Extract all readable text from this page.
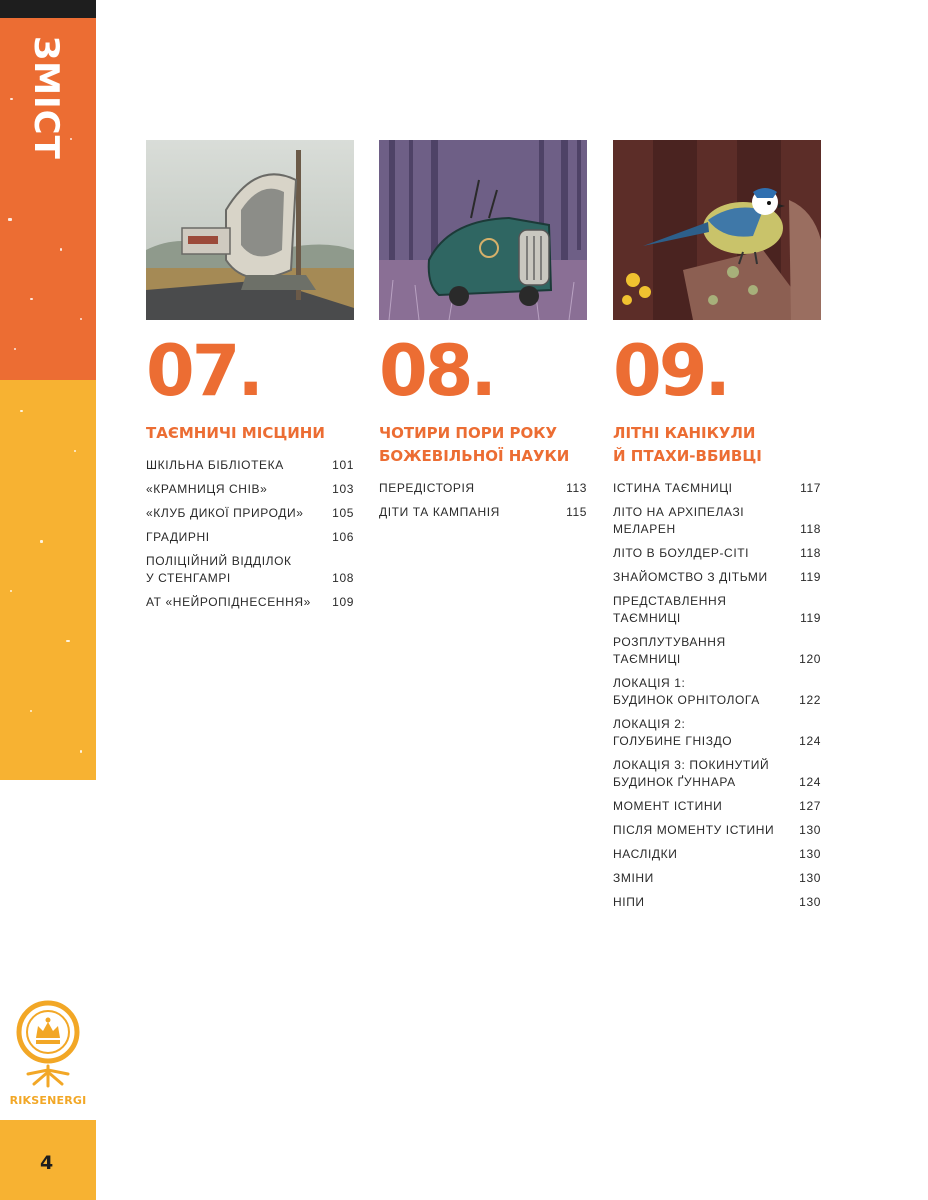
ЗМІСТ
RIKSENERGI
4
07.
ТАЄМНИЧІ МІСЦИНИ
ШКІЛЬНА БІБЛІОТЕКА	101
«КРАМНИЦЯ СНІВ»	103
«КЛУБ ДИКОЇ ПРИРОДИ»	105
ГРАДИРНІ	106
ПОЛІЦІЙНИЙ ВІДДІЛОК
У СТЕНГАМРІ	108
АТ «НЕЙРОПІДНЕСЕННЯ»	109
08.
ЧОТИРИ ПОРИ РОКУ
БОЖЕВІЛЬНОЇ НАУКИ
ПЕРЕДІСТОРІЯ	113
ДІТИ ТА КАМПАНІЯ	115
09.
ЛІТНІ КАНІКУЛИ
Й ПТАХИ-ВБИВЦІ
ІСТИНА ТАЄМНИЦІ	117
ЛІТО НА АРХІПЕЛАЗІ
МЕЛАРЕН	118
ЛІТО В БОУЛДЕР-СІТІ	118
ЗНАЙОМСТВО З ДІТЬМИ	119
ПРЕДСТАВЛЕННЯ ТАЄМНИЦІ	119
РОЗПЛУТУВАННЯ ТАЄМНИЦІ	120
ЛОКАЦІЯ 1:
БУДИНОК ОРНІТОЛОГА	122
ЛОКАЦІЯ 2:
ГОЛУБИНЕ ГНІЗДО	124
ЛОКАЦІЯ 3: ПОКИНУТИЙ
БУДИНОК ҐУННАРА	124
МОМЕНТ ІСТИНИ	127
ПІСЛЯ МОМЕНТУ ІСТИНИ	130
НАСЛІДКИ	130
ЗМІНИ	130
НІПИ	130
